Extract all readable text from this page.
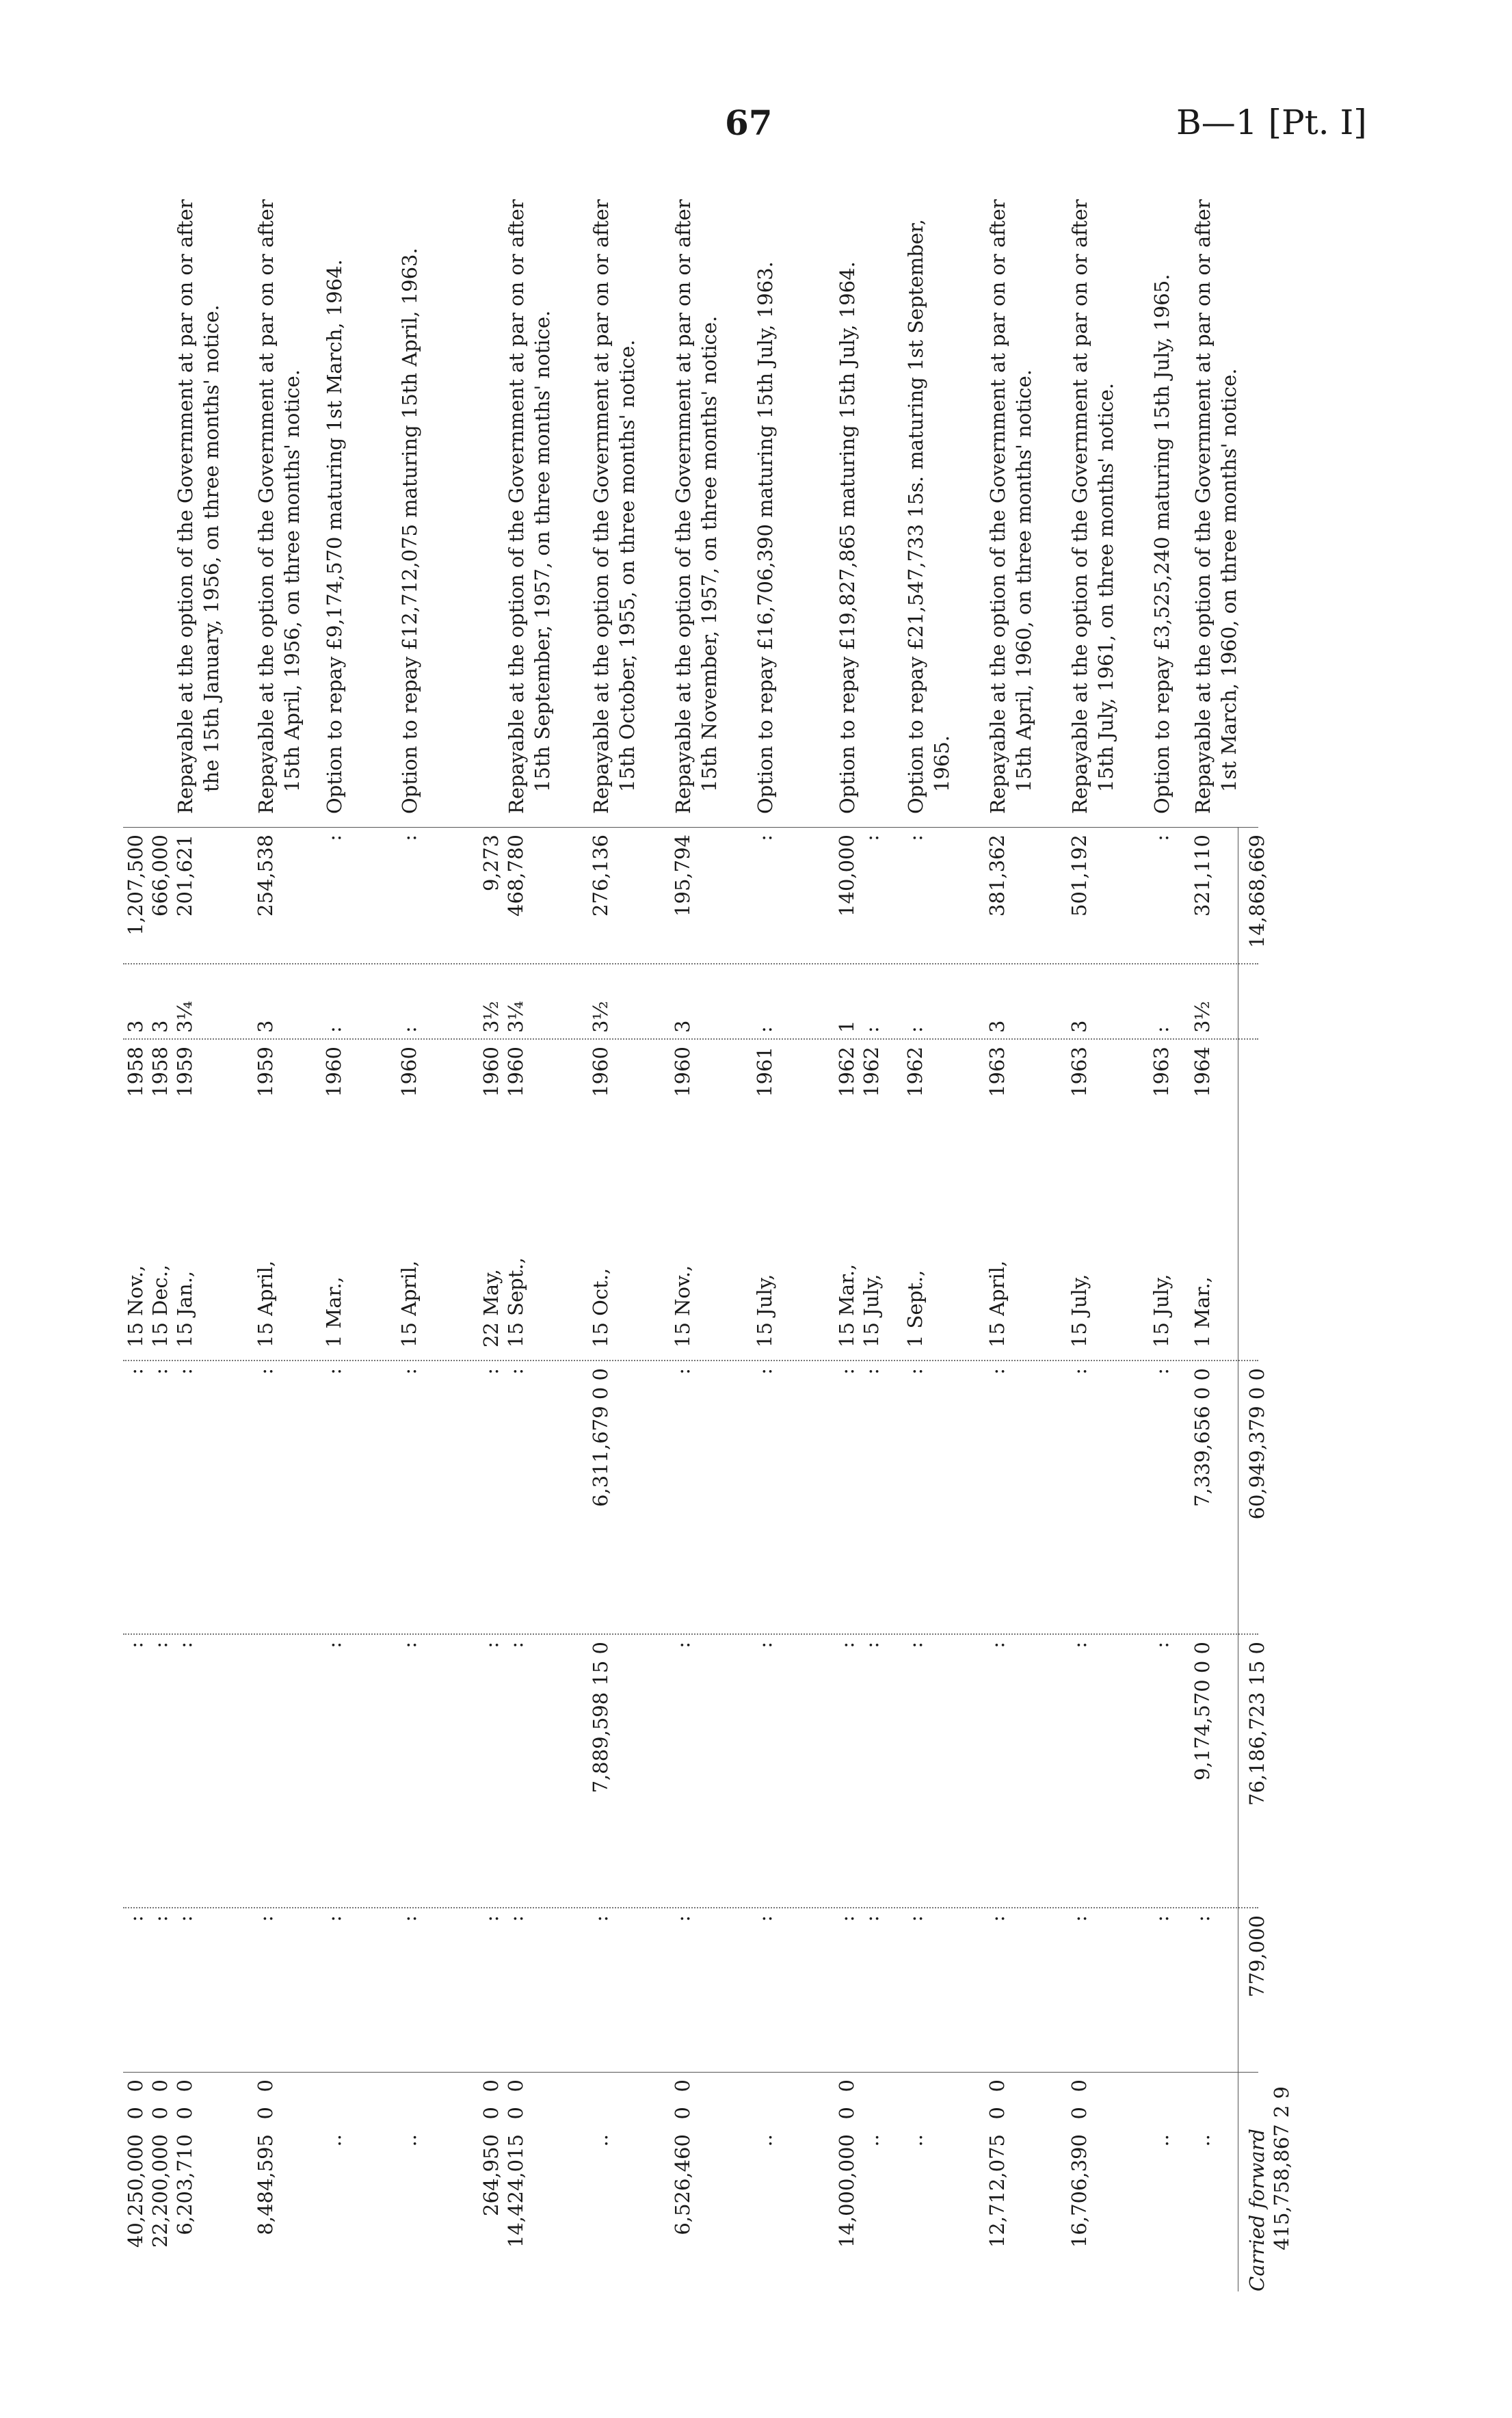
67	B—1 [Pt. I]
40,250,000
0
0
:
:
:
15 Nov.,
1958
3
1,207,500
22,200,000
0
0
:
:
:
15 Dec.,
1958
3
666,000
6,203,710
0
0
:
:
:
15 Jan.,
1959
3¼
201,621
Repayable at the option of the Government at par on or after the 15th January, 1956, on three months' notice.
8,484,595
0
0
:
:
15 April,
1959
3
254,538
Repayable at the option of the Government at par on or after 15th April, 1956, on three months' notice.
..
:
:
:
1 Mar.,
1960
:
:
Option to repay £9,174,570 maturing 1st March, 1964.
..
:
:
:
15 April,
1960
:
:
Option to repay £12,712,075 maturing 15th April, 1963.
264,950
0
0
:
:
:
22 May,
1960
3½
9,273
14,424,015
0
0
:
:
:
15 Sept.,
1960
3¼
468,780
Repayable at the option of the Government at par on or after 15th September, 1957, on three months' notice.
..
:
7,889,598 15 0
6,311,679 0 0
15 Oct.,
1960
3½
276,136
Repayable at the option of the Government at par on or after 15th October, 1955, on three months' notice.
6,526,460
0
0
:
:
:
15 Nov.,
1960
3
195,794
Repayable at the option of the Government at par on or after 15th November, 1957, on three months' notice.
..
:
:
:
15 July,
1961
:
:
Option to repay £16,706,390 maturing 15th July, 1963.
14,000,000
0
0
:
:
:
15 Mar.,
1962
1
140,000
Option to repay £19,827,865 maturing 15th July, 1964.
..
:
:
:
15 July,
1962
:
:
..
:
:
:
1 Sept.,
1962
:
:
Option to repay £21,547,733 15s. maturing 1st September, 1965.
12,712,075
0
0
:
:
:
15 April,
1963
3
381,362
Repayable at the option of the Government at par on or after 15th April, 1960, on three months' notice.
16,706,390
0
0
:
:
:
15 July,
1963
3
501,192
Repayable at the option of the Government at par on or after 15th July, 1961, on three months' notice.
..
:
:
:
15 July,
1963
:
:
Option to repay £3,525,240 maturing 15th July, 1965.
..
:
9,174,570 0 0
7,339,656 0 0
1 Mar.,
1964
3½
321,110
Repayable at the option of the Government at par on or after 1st March, 1960, on three months' notice.
Carried forward 415,758,867 2 9
779,000
76,186,723 15 0
60,949,379 0 0
14,868,669
